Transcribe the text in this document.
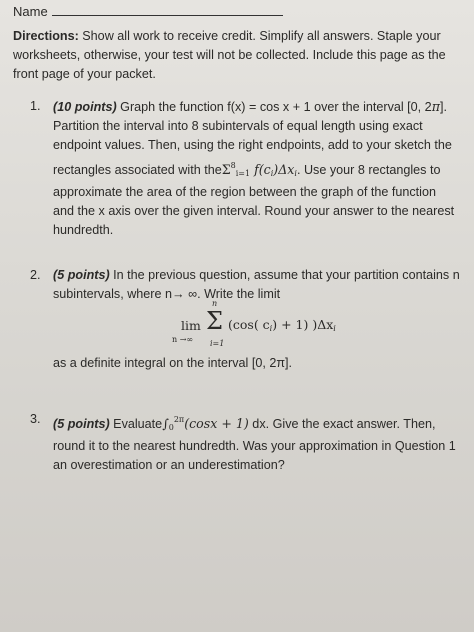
Name
Directions: Show all work to receive credit. Simplify all answers. Staple your worksheets, otherwise, your test will not be collected. Include this page as the front page of your packet.
1. (10 points) Graph the function f(x) = cos x + 1 over the interval [0, 2π]. Partition the interval into 8 subintervals of equal length using exact endpoint values. Then, using the right endpoints, add to your sketch the rectangles associated with theΣ$^8_{i=1}$ $f(c_i)\Delta x_i$. Use your 8 rectangles to approximate the area of the region between the graph of the function and the x axis over the given interval. Round your answer to the nearest hundredth.
2. (5 points) In the previous question, assume that your partition contains n subintervals, where n→ ∞. Write the limit
lim
n →∞
n
Σ
i=1
(cos( $c_i) + 1$) )$\Delta x_i$
as a definite integral on the interval [0, 2π].
3. (5 points) $Evaluate\int_0^{2\pi}(\cos x + 1)$ dx. Give the exact answer. Then, round it to the nearest hundredth. Was your approximation in Question 1 an overestimation or an underestimation?
